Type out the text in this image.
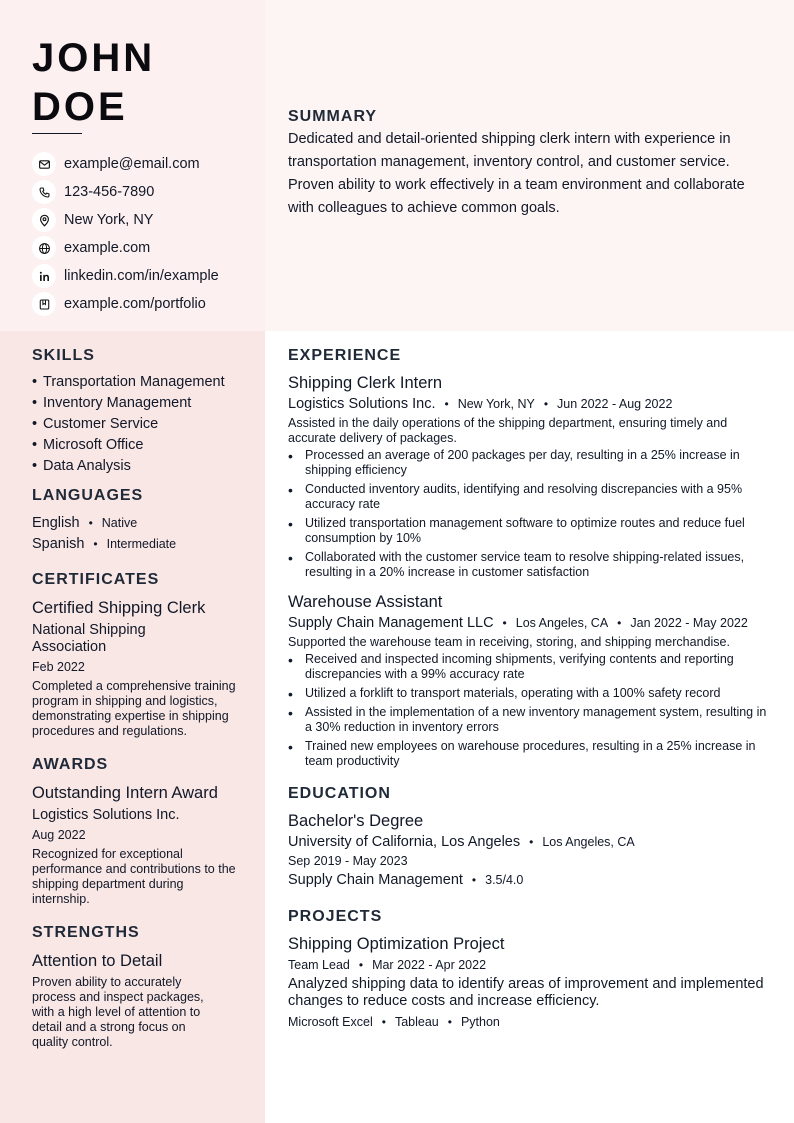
JOHN DOE
example@email.com
123-456-7890
New York, NY
example.com
linkedin.com/in/example
example.com/portfolio
SUMMARY
Dedicated and detail-oriented shipping clerk intern with experience in transportation management, inventory control, and customer service. Proven ability to work effectively in a team environment and collaborate with colleagues to achieve common goals.
SKILLS
• Transportation Management
• Inventory Management
• Customer Service
• Microsoft Office
• Data Analysis
LANGUAGES
English • Native
Spanish • Intermediate
CERTIFICATES
Certified Shipping Clerk
National Shipping Association
Feb 2022
Completed a comprehensive training program in shipping and logistics, demonstrating expertise in shipping procedures and regulations.
AWARDS
Outstanding Intern Award
Logistics Solutions Inc.
Aug 2022
Recognized for exceptional performance and contributions to the shipping department during internship.
STRENGTHS
Attention to Detail
Proven ability to accurately process and inspect packages, with a high level of attention to detail and a strong focus on quality control.
EXPERIENCE
Shipping Clerk Intern
Logistics Solutions Inc. • New York, NY • Jun 2022 - Aug 2022
Assisted in the daily operations of the shipping department, ensuring timely and accurate delivery of packages.
• Processed an average of 200 packages per day, resulting in a 25% increase in shipping efficiency
• Conducted inventory audits, identifying and resolving discrepancies with a 95% accuracy rate
• Utilized transportation management software to optimize routes and reduce fuel consumption by 10%
• Collaborated with the customer service team to resolve shipping-related issues, resulting in a 20% increase in customer satisfaction
Warehouse Assistant
Supply Chain Management LLC • Los Angeles, CA • Jan 2022 - May 2022
Supported the warehouse team in receiving, storing, and shipping merchandise.
• Received and inspected incoming shipments, verifying contents and reporting discrepancies with a 99% accuracy rate
• Utilized a forklift to transport materials, operating with a 100% safety record
• Assisted in the implementation of a new inventory management system, resulting in a 30% reduction in inventory errors
• Trained new employees on warehouse procedures, resulting in a 25% increase in team productivity
EDUCATION
Bachelor's Degree
University of California, Los Angeles • Los Angeles, CA
Sep 2019 - May 2023
Supply Chain Management • 3.5/4.0
PROJECTS
Shipping Optimization Project
Team Lead • Mar 2022 - Apr 2022
Analyzed shipping data to identify areas of improvement and implemented changes to reduce costs and increase efficiency.
Microsoft Excel • Tableau • Python
